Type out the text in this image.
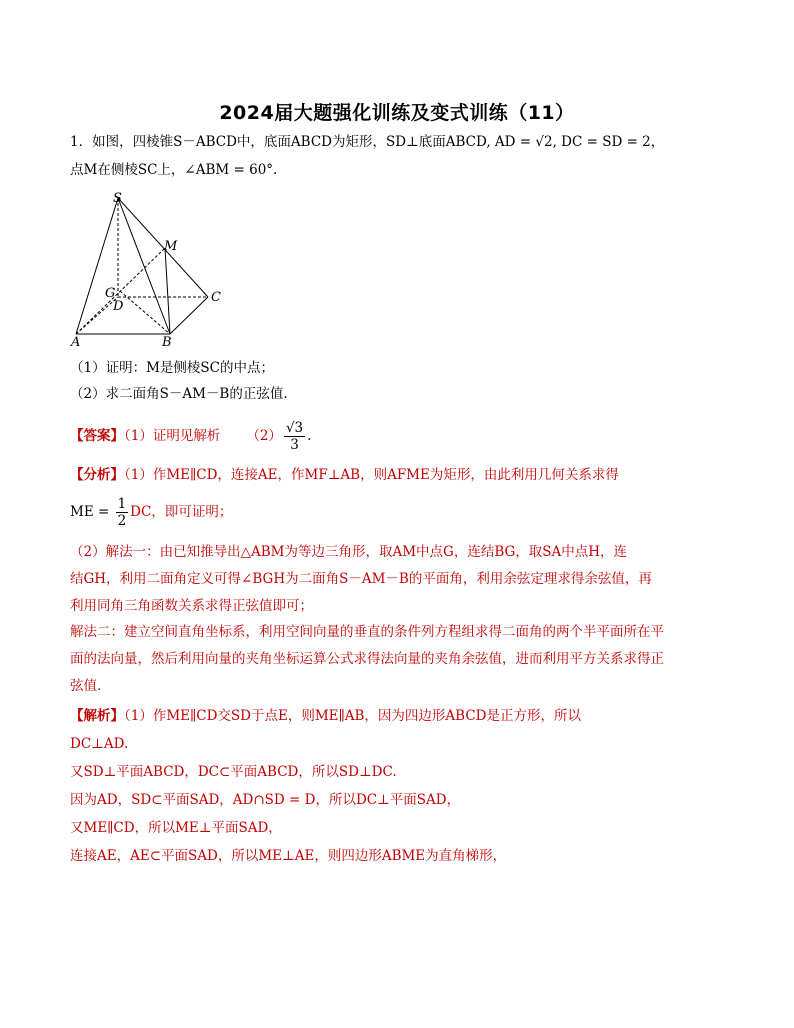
2024届大题强化训练及变式训练（11）
1．如图，四棱锥S－ABCD中，底面ABCD为矩形，SD⊥底面ABCD, AD = √2, DC = SD = 2，
点M在侧棱SC上，∠ABM = 60°.
S
M
G
D
C
A	B
（1）证明：M是侧棱SC的中点；
（2）求二面角S－AM－B的正弦值.
【答案】（1）证明见解析 $(2) \frac{√3}{3}$ .
【分析】（1）作ME∥CD，连接AE，作MF⊥AB，则AFME为矩形，由此利用几何关系求得
ME = $\frac{1}{2}$ DC，即可证明；
（2）解法一：由已知推导出△ABM为等边三角形，取AM中点G，连结BG，取SA中点H，连
结GH，利用二面角定义可得∠BGH为二面角S－AM－B的平面角，利用余弦定理求得余弦值，再
利用同角三角函数关系求得正弦值即可；
解法二：建立空间直角坐标系，利用空间向量的垂直的条件列方程组求得二面角的两个半平面所在平
面的法向量，然后利用向量的夹角坐标运算公式求得法向量的夹角余弦值，进而利用平方关系求得正
弦值.
【解析】（1）作ME∥CD交SD于点E，则ME∥AB，因为四边形ABCD是正方形，所以
DC⊥AD.
又SD⊥平面ABCD，DC⊂平面ABCD，所以SD⊥DC.
因为AD，SD⊂平面SAD，AD∩SD = D，所以DC⊥平面SAD，
又ME∥CD，所以ME⊥平面SAD，
连接AE，AE⊂平面SAD，所以ME⊥AE，则四边形ABME为直角梯形，
